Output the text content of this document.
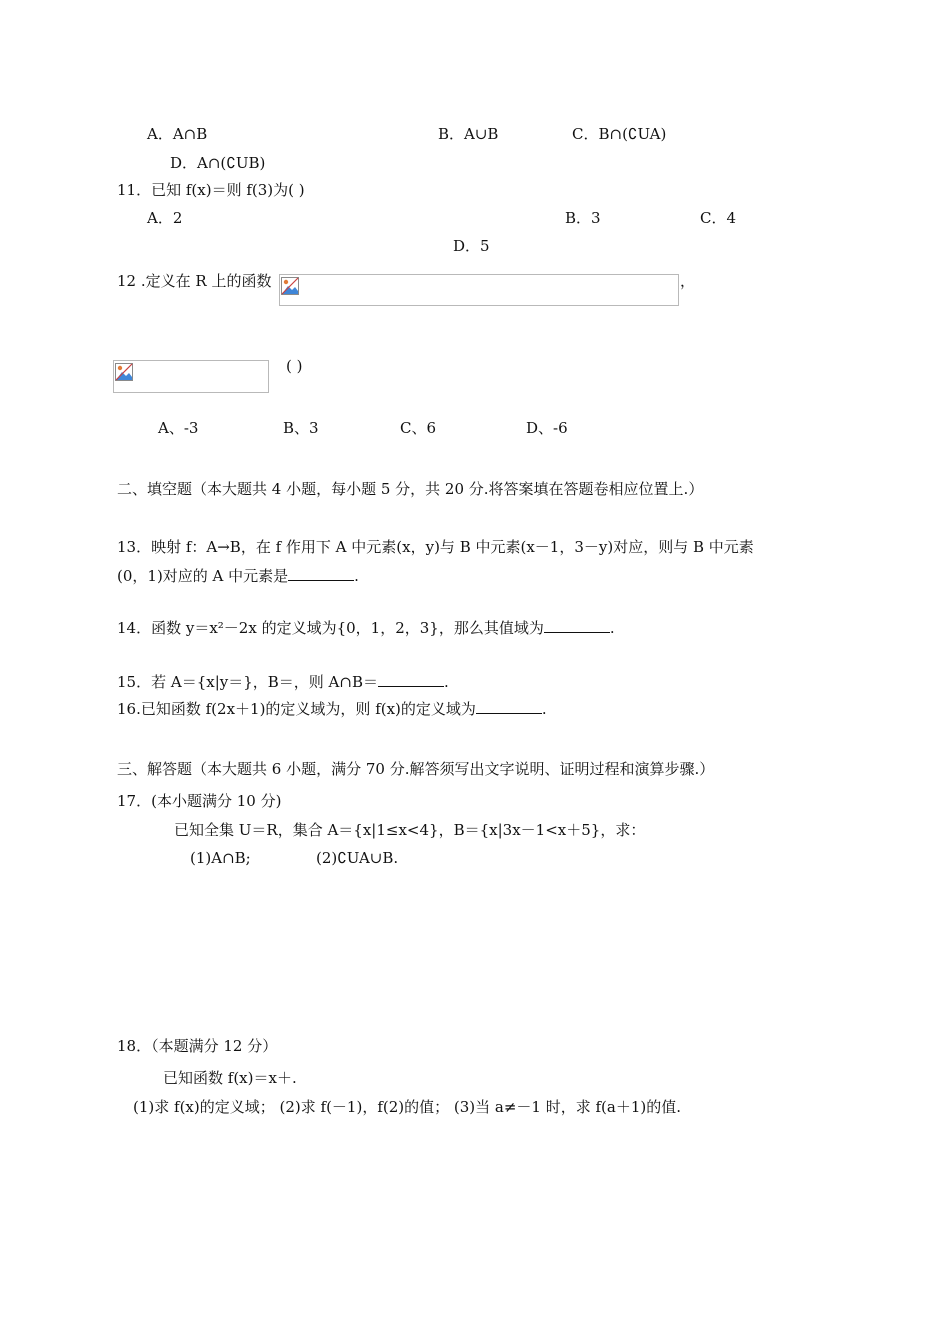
A．A∩B	B．A∪B	C．B∩(∁UA)
D．A∩(∁UB)
11．已知 f(x)＝则 f(3)为( )
A．2	B．3	C．4
D．5
12 .定义在 R 上的函数	，
( )
A、-3	B、3	C、6	D、-6
二、填空题（本大题共 4 小题，每小题 5 分，共 20 分.将答案填在答题卷相应位置上.）
13．映射 f：A→B，在 f 作用下 A 中元素(x，y)与 B 中元素(x－1，3－y)对应，则与 B 中元素
(0，1)对应的 A 中元素是	.
14．函数 y＝x²－2x 的定义域为{0，1，2，3}，那么其值域为	.
15．若 A＝{x|y＝}，B＝，则 A∩B＝	.
16.已知函数 f(2x＋1)的定义域为，则 f(x)的定义域为	.
三、解答题（本大题共 6 小题，满分 70 分.解答须写出文字说明、证明过程和演算步骤.）
17．(本小题满分 10 分)
已知全集 U＝R，集合 A＝{x|1≤x<4}，B＝{x|3x－1<x＋5}，求：
(1)A∩B;	(2)∁UA∪B.
18．（本题满分 12 分）
已知函数 f(x)＝x＋.
(1)求 f(x)的定义域； (2)求 f(－1)，f(2)的值； (3)当 a≠－1 时，求 f(a＋1)的值.
